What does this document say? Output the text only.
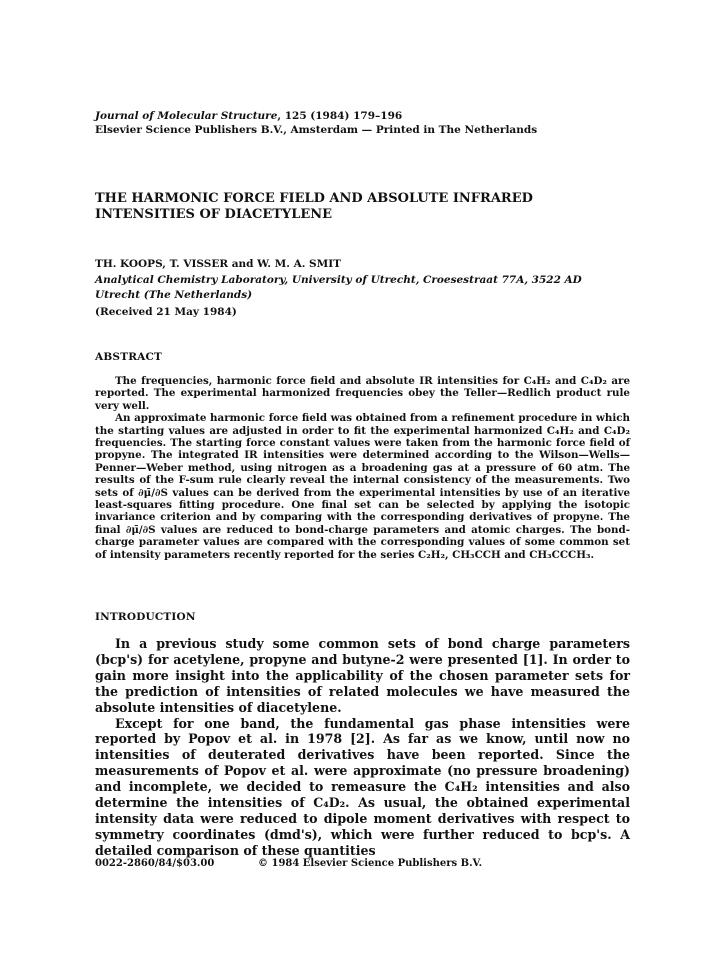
Journal of Molecular Structure, 125 (1984) 179–196
Elsevier Science Publishers B.V., Amsterdam — Printed in The Netherlands
THE HARMONIC FORCE FIELD AND ABSOLUTE INFRARED
INTENSITIES OF DIACETYLENE
TH. KOOPS, T. VISSER and W. M. A. SMIT
Analytical Chemistry Laboratory, University of Utrecht, Croesestraat 77A, 3522 AD
Utrecht (The Netherlands)
(Received 21 May 1984)
ABSTRACT

The frequencies, harmonic force field and absolute IR intensities for C₄H₂ and C₄D₂ are reported. The experimental harmonized frequencies obey the Teller—Redlich product rule very well.

An approximate harmonic force field was obtained from a refinement procedure in which the starting values are adjusted in order to fit the experimental harmonized C₄H₂ and C₄D₂ frequencies. The starting force constant values were taken from the harmonic force field of propyne. The integrated IR intensities were determined according to the Wilson—Wells—Penner—Weber method, using nitrogen as a broadening gas at a pressure of 60 atm. The results of the F-sum rule clearly reveal the internal consistency of the measurements. Two sets of ∂μ̄/∂S values can be derived from the experimental intensities by use of an iterative least-squares fitting procedure. One final set can be selected by applying the isotopic invariance criterion and by comparing with the corresponding derivatives of propyne. The final ∂μ̄/∂S values are reduced to bond-charge parameters and atomic charges. The bond-charge parameter values are compared with the corresponding values of some common set of intensity parameters recently reported for the series C₂H₂, CH₃CCH and CH₃CCCH₃.

INTRODUCTION

In a previous study some common sets of bond charge parameters (bcp's) for acetylene, propyne and butyne-2 were presented [1]. In order to gain more insight into the applicability of the chosen parameter sets for the prediction of intensities of related molecules we have measured the absolute intensities of diacetylene.

Except for one band, the fundamental gas phase intensities were reported by Popov et al. in 1978 [2]. As far as we know, until now no intensities of deuterated derivatives have been reported. Since the measurements of Popov et al. were approximate (no pressure broadening) and incomplete, we decided to remeasure the C₄H₂ intensities and also determine the intensities of C₄D₂. As usual, the obtained experimental intensity data were reduced to dipole moment derivatives with respect to symmetry coordinates (dmd's), which were further reduced to bcp's. A detailed comparison of these quantities

0022-2860/84/$03.00	© 1984 Elsevier Science Publishers B.V.
